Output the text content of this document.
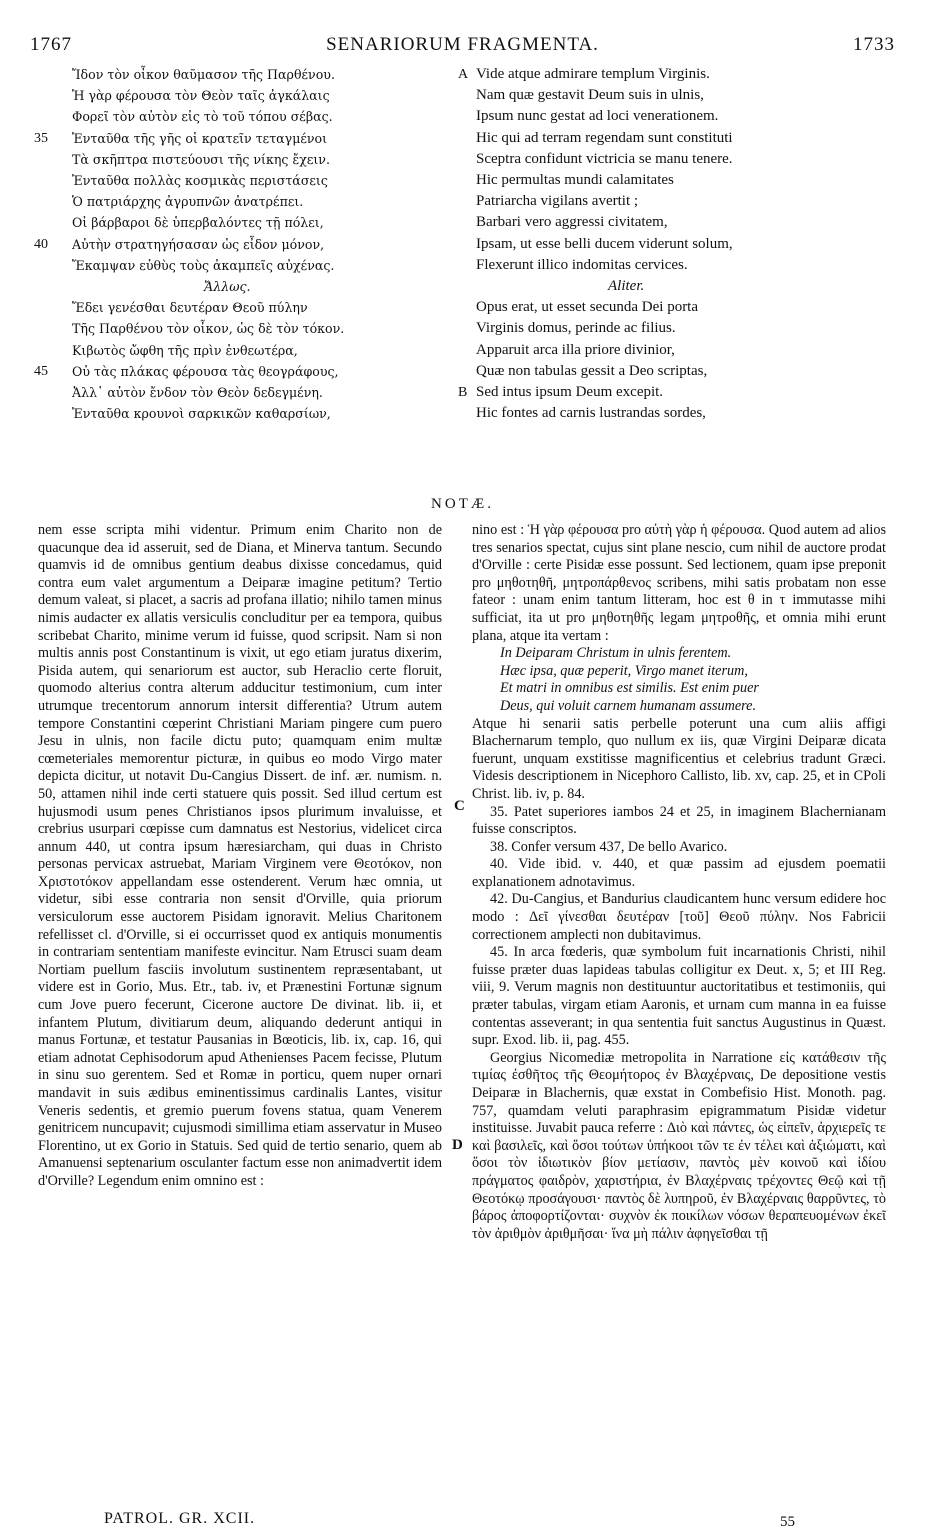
1767	SENARIORUM FRAGMENTA.	1733
Ἴδον τὸν οἶκον θαῦμασον τῆς Παρθένου.
Ἡ γὰρ φέρουσα τὸν Θεὸν ταῖς ἀγκάλαις
Φορεῖ τὸν αὐτὸν εἰς τὸ τοῦ τόπου σέβας.
35 Ἐνταῦθα τῆς γῆς οἱ κρατεῖν τεταγμένοι
Τὰ σκῆπτρα πιστεύουσι τῆς νίκης ἔχειν.
Ἐνταῦθα πολλὰς κοσμικὰς περιστάσεις
Ὁ πατριάρχης ἀγρυπνῶν ἀνατρέπει.
Οἱ βάρβαροι δὲ ὑπερβαλόντες τῇ πόλει,
40 Αὐτὴν στρατηγήσασαν ὡς εἶδον μόνον,
Ἔκαμψαν εὐθὺς τοὺς ἀκαμπεῖς αὐχένας.
Ἄλλως.
Ἔδει γενέσθαι δευτέραν Θεοῦ πύλην
Τῆς Παρθένου τὸν οἶκον, ὡς δὲ τὸν τόκον.
Κιβωτὸς ὤφθη τῆς πρὶν ἐνθεωτέρα,
45 Οὐ τὰς πλάκας φέρουσα τὰς θεογράφους,
Ἀλλ᾽ αὐτὸν ἔνδον τὸν Θεὸν δεδεγμένη.
Ἐνταῦθα κρουνοὶ σαρκικῶν καθαρσίων,
A Vide atque admirare templum Virginis.
Nam quæ gestavit Deum suis in ulnis,
Ipsum nunc gestat ad loci venerationem.
Hic qui ad terram regendam sunt constituti
Sceptra confidunt victricia se manu tenere.
Hic permultas mundi calamitates
Patriarcha vigilans avertit ;
Barbari vero aggressi civitatem,
Ipsam, ut esse belli ducem viderunt solum,
Flexerunt illico indomitas cervices.
Aliter.
Opus erat, ut esset secunda Dei porta
Virginis domus, perinde ac filius.
Apparuit arca illa priore divinior,
Quæ non tabulas gessit a Deo scriptas,
B Sed intus ipsum Deum excepit.
Hic fontes ad carnis lustrandas sordes,
NOTÆ.

nem esse scripta mihi videntur. Primum enim Charito non de quacunque dea id asseruit, sed de Diana, et Minerva tantum. Secundo quamvis id de omnibus gentium deabus dixisse concedamus, quid contra eum valet argumentum a Deiparæ imagine petitum? Tertio demum valeat, si placet, a sacris ad profana illatio; nihilo tamen minus nimis audacter ex allatis versiculis concluditur per ea tempora, quibus scribebat Charito, minime verum id fuisse, quod scripsit. Nam si non multis annis post Constantinum is vixit, ut ego etiam juratus dixerim, Pisida autem, qui senariorum est auctor, sub Heraclio certe floruit, quomodo alterius contra alterum adducitur testimonium, cum inter utrumque trecentorum annorum intersit differentia? Utrum autem tempore Constantini cœperint Christiani Mariam pingere cum puero Jesu in ulnis, non facile dictu puto; quamquam enim multæ cœmeteriales memorentur picturæ, in quibus eo modo Virgo mater depicta dicitur, ut notavit Du-Cangius Dissert. de inf. ær. numism. n. 50, attamen nihil inde certi statuere quis possit. Sed illud certum est hujusmodi usum penes Christianos ipsos plurimum invaluisse, et crebrius usurpari cœpisse cum damnatus est Nestorius, videlicet circa annum 440, ut contra ipsum hæresiarcham, qui duas in Christo personas pervicax astruebat, Mariam Virginem vere Θεοτόκον, non Χριστοτόκον appellandam esse ostenderent. Verum hæc omnia, ut videtur, sibi esse contraria non sensit d'Orville, quia priorum versiculorum esse auctorem Pisidam ignoravit. Melius Charitonem refellisset cl. d'Orville, si ei occurrisset quod ex antiquis monumentis in contrariam sententiam manifeste evincitur. Nam Etrusci suam deam Nortiam puellum fasciis involutum sustinentem repræsentabant, ut videre est in Gorio, Mus. Etr., tab. iv, et Prænestini Fortunæ signum cum Jove puero fecerunt, Cicerone auctore De divinat. lib. ii, et infantem Plutum, divitiarum deum, aliquando dederunt antiqui in manus Fortunæ, et testatur Pausanias in Bœoticis, lib. ix, cap. 16, qui etiam adnotat Cephisodorum apud Athenienses Pacem fecisse, Plutum in sinu suo gerentem. Sed et Romæ in porticu, quem nuper ornari mandavit in suis ædibus eminentissimus cardinalis Lantes, visitur Veneris sedentis, et gremio puerum fovens statua, quam Venerem genitricem nuncupavit; cujusmodi simillima etiam asservatur in Museo Florentino, ut ex Gorio in Statuis. Sed quid de tertio senario, quem ab Amanuensi septenarium osculanter factum esse non animadvertit idem d'Orville? Legendum enim omnino est :

nino est : Ἡ γὰρ φέρουσα pro αὐτὴ γὰρ ἡ φέρουσα. Quod autem ad alios tres senarios spectat, cujus sint plane nescio, cum nihil de auctore prodat d'Orville : certe Pisidæ esse possunt. Sed lectionem, quam ipse preponit pro μηθοτηθῆ, μητροπάρθενος scribens, mihi satis probatam non esse fateor : unam enim tantum litteram, hoc est θ in τ immutasse mihi sufficiat, ita ut pro μηθοτηθῆς legam μητροθῆς, et omnia mihi erunt plana, atque ita vertam :

In Deiparam Christum in ulnis ferentem.

Hæc ipsa, quæ peperit, Virgo manet iterum,

Et matri in omnibus est similis. Est enim puer

Deus, qui voluit carnem humanam assumere.

Atque hi senarii satis perbelle poterunt una cum aliis affigi Blachernarum templo, quo nullum ex iis, quæ Virgini Deiparæ dicata fuerunt, unquam exstitisse magnificentius et celebrius tradunt Græci. Videsis descriptionem in Nicephoro Callisto, lib. xv, cap. 25, et in CPoli Christ. lib. iv, p. 84.

35. Patet superiores iambos 24 et 25, in imaginem Blachernianam fuisse conscriptos.

38. Confer versum 437, De bello Avarico.

40. Vide ibid. v. 440, et quæ passim ad ejusdem poematii explanationem adnotavimus.

42. Du-Cangius, et Bandurius claudicantem hunc versum edidere hoc modo : Δεῖ γίνεσθαι δευτέραν [τοῦ] Θεοῦ πύλην. Nos Fabricii correctionem amplecti non dubitavimus.

45. In arca fœderis, quæ symbolum fuit incarnationis Christi, nihil fuisse præter duas lapideas tabulas colligitur ex Deut. x, 5; et III Reg. viii, 9. Verum magnis non destituuntur auctoritatibus et testimoniis, qui præter tabulas, virgam etiam Aaronis, et urnam cum manna in ea fuisse contentas asseverant; in qua sententia fuit sanctus Augustinus in Quæst. supr. Exod. lib. ii, pag. 455.

Georgius Nicomediæ metropolita in Narratione εἰς κατάθεσιν τῆς τιμίας ἐσθῆτος τῆς Θεομήτορος ἐν Βλαχέρναις, De depositione vestis Deiparæ in Blachernis, quæ exstat in Combefisio Hist. Monoth. pag. 757, quamdam veluti paraphrasim epigrammatum Pisidæ videtur instituisse. Juvabit pauca referre : Διὸ καὶ πάντες, ὡς εἰπεῖν, ἀρχιερεῖς τε καὶ βασιλεῖς, καὶ ὅσοι τούτων ὑπήκοοι τῶν τε ἐν τέλει καὶ ἀξιώματι, καὶ ὅσοι τὸν ἰδιωτικὸν βίον μετίασιν, παντὸς μὲν κοινοῦ καὶ ἰδίου πράγματος φαιδρὸν, χαριστήρια, ἐν Βλαχέρναις τρέχοντες Θεῷ καὶ τῇ Θεοτόκῳ προσάγουσι· παντὸς δὲ λυπηροῦ, ἐν Βλαχέρναις θαρρῦντες, τὸ βάρος ἀποφορτίζονται· συχνὸν ἐκ ποικίλων νόσων θεραπευομένων ἐκεῖ τὸν ἀριθμὸν ἀριθμῆσαι· ἵνα μὴ πάλιν ἀφηγεῖσθαι τῇ

C
D
PATROL. GR. XCII.	55
